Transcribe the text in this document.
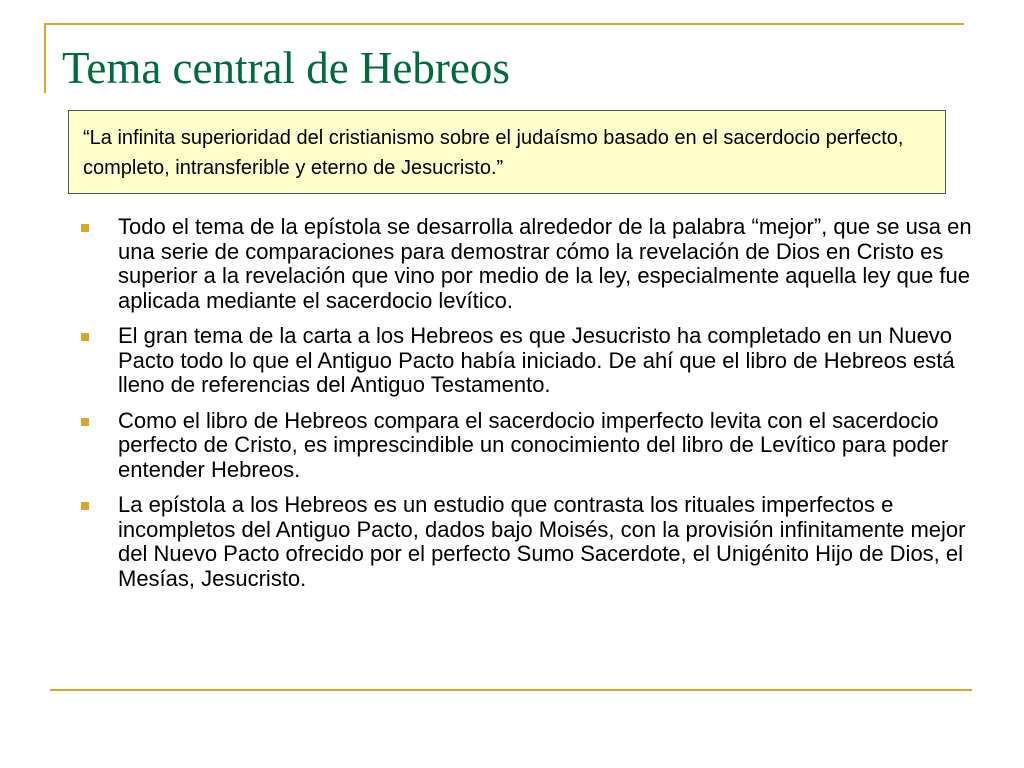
Tema central de Hebreos
“La infinita superioridad del cristianismo sobre el judaísmo basado en el sacerdocio perfecto, completo, intransferible y eterno de Jesucristo.”
Todo el tema de la epístola se desarrolla alrededor de la palabra “mejor”, que se usa en una serie de comparaciones para demostrar cómo la revelación de Dios en Cristo es superior a la revelación que vino por medio de la ley, especialmente aquella ley que fue aplicada mediante el sacerdocio levítico.
El gran tema de la carta a los Hebreos es que Jesucristo ha completado en un Nuevo Pacto todo lo que el Antiguo Pacto había iniciado. De ahí que el libro de Hebreos está lleno de referencias del Antiguo Testamento.
Como el libro de Hebreos compara el sacerdocio imperfecto levita con el sacerdocio perfecto de Cristo, es imprescindible un conocimiento del libro de Levítico para poder entender Hebreos.
La epístola a los Hebreos es un estudio que contrasta los rituales imperfectos e incompletos del Antiguo Pacto, dados bajo Moisés, con la provisión infinitamente mejor del Nuevo Pacto ofrecido por el perfecto Sumo Sacerdote, el Unigénito Hijo de Dios, el Mesías, Jesucristo.
